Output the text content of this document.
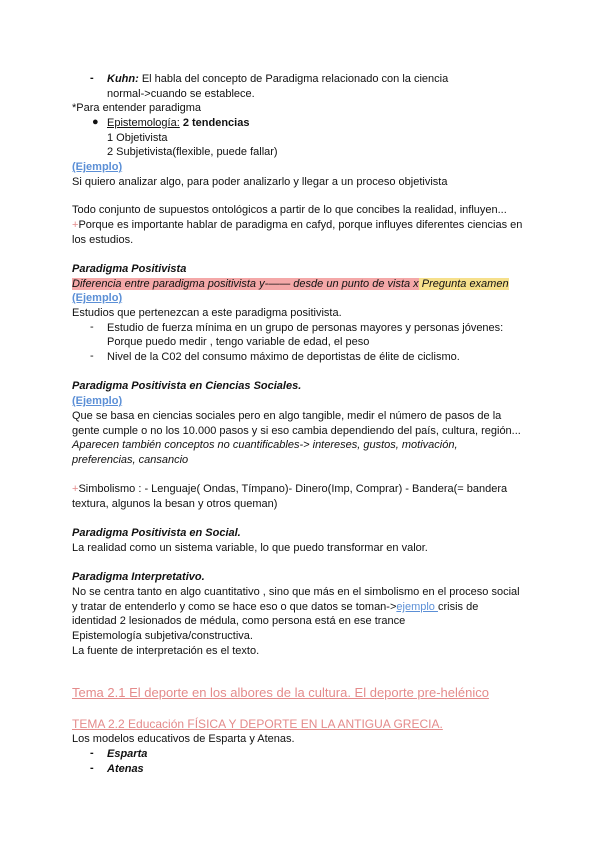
- Kuhn: El habla del concepto de Paradigma relacionado con la ciencia
normal->cuando se establece.
*Para entender paradigma
● Epistemología: 2 tendencias
1 Objetivista
2 Subjetivista(flexible, puede fallar)
(Ejemplo)
Si quiero analizar algo, para poder analizarlo y llegar a un proceso objetivista
Todo conjunto de supuestos ontológicos a partir de lo que concibes la realidad, influyen...
+Porque es importante hablar de paradigma en cafyd, porque influyes diferentes ciencias en
los estudios.
Paradigma Positivista
Diferencia entre paradigma positivista y-—— desde un punto de vista x Pregunta examen
(Ejemplo)
Estudios que pertenezcan a este paradigma positivista.
- Estudio de fuerza mínima en un grupo de personas mayores y personas jóvenes:
Porque puedo medir , tengo variable de edad, el peso
- Nivel de la C02 del consumo máximo de deportistas de élite de ciclismo.
Paradigma Positivista en Ciencias Sociales.
(Ejemplo)
Que se basa en ciencias sociales pero en algo tangible, medir el número de pasos de la
gente cumple o no los 10.000 pasos y si eso cambia dependiendo del país, cultura, región...
Aparecen también conceptos no cuantificables-> intereses, gustos, motivación,
preferencias, cansancio
+Simbolismo : - Lenguaje( Ondas, Tímpano)- Dinero(Imp, Comprar) - Bandera(= bandera
textura, algunos la besan y otros queman)
Paradigma Positivista en Social.
La realidad como un sistema variable, lo que puedo transformar en valor.
Paradigma Interpretativo.
No se centra tanto en algo cuantitativo , sino que más en el simbolismo en el proceso social
y tratar de entenderlo y como se hace eso o que datos se toman->ejemplo crisis de
identidad 2 lesionados de médula, como persona está en ese trance
Epistemología subjetiva/constructiva.
La fuente de interpretación es el texto.
Tema 2.1 El deporte en los albores de la cultura. El deporte pre-helénico
TEMA 2.2 Educación FÍSICA Y DEPORTE EN LA ANTIGUA GRECIA.
Los modelos educativos de Esparta y Atenas.
- Esparta
- Atenas
